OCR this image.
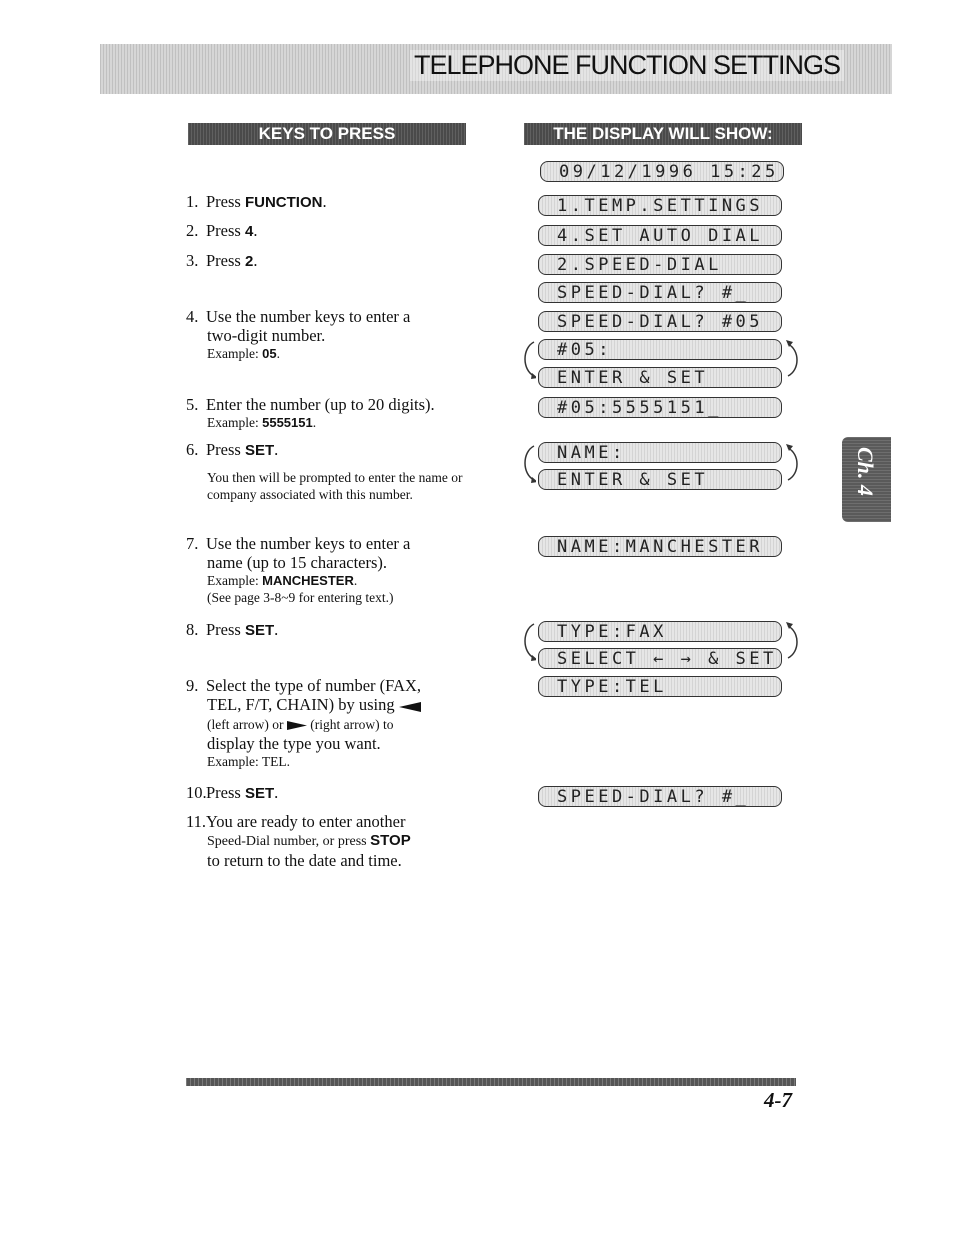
TELEPHONE FUNCTION SETTINGS
KEYS TO PRESS	THE DISPLAY WILL SHOW:
1. Press FUNCTION.
2. Press 4.
3. Press 2.
4. Use the number keys to enter a
two-digit number.
Example: 05.
5. Enter the number (up to 20 digits).
Example: 5555151.
6. Press SET.
You then will be prompted to enter the name or company associated with this number.
7. Use the number keys to enter a
name (up to 15 characters).
Example: MANCHESTER.
(See page 3-8~9 for entering text.)
8. Press SET.
9. Select the type of number (FAX,
TEL, F/T, CHAIN) by using
(left arrow) or (right arrow) to
display the type you want.
Example: TEL.
10.Press SET.
11.You are ready to enter another
Speed-Dial number, or press STOP
to return to the date and time.
09/12/1996 15:25
1.TEMP.SETTINGS
4.SET AUTO DIAL
2.SPEED-DIAL
SPEED-DIAL? #_
SPEED-DIAL? #05
#05:
ENTER & SET
#05:5555151_
NAME:
ENTER & SET
NAME:MANCHESTER
TYPE:FAX
SELECT ← → & SET
TYPE:TEL
SPEED-DIAL? #_
Ch. 4
4-7
